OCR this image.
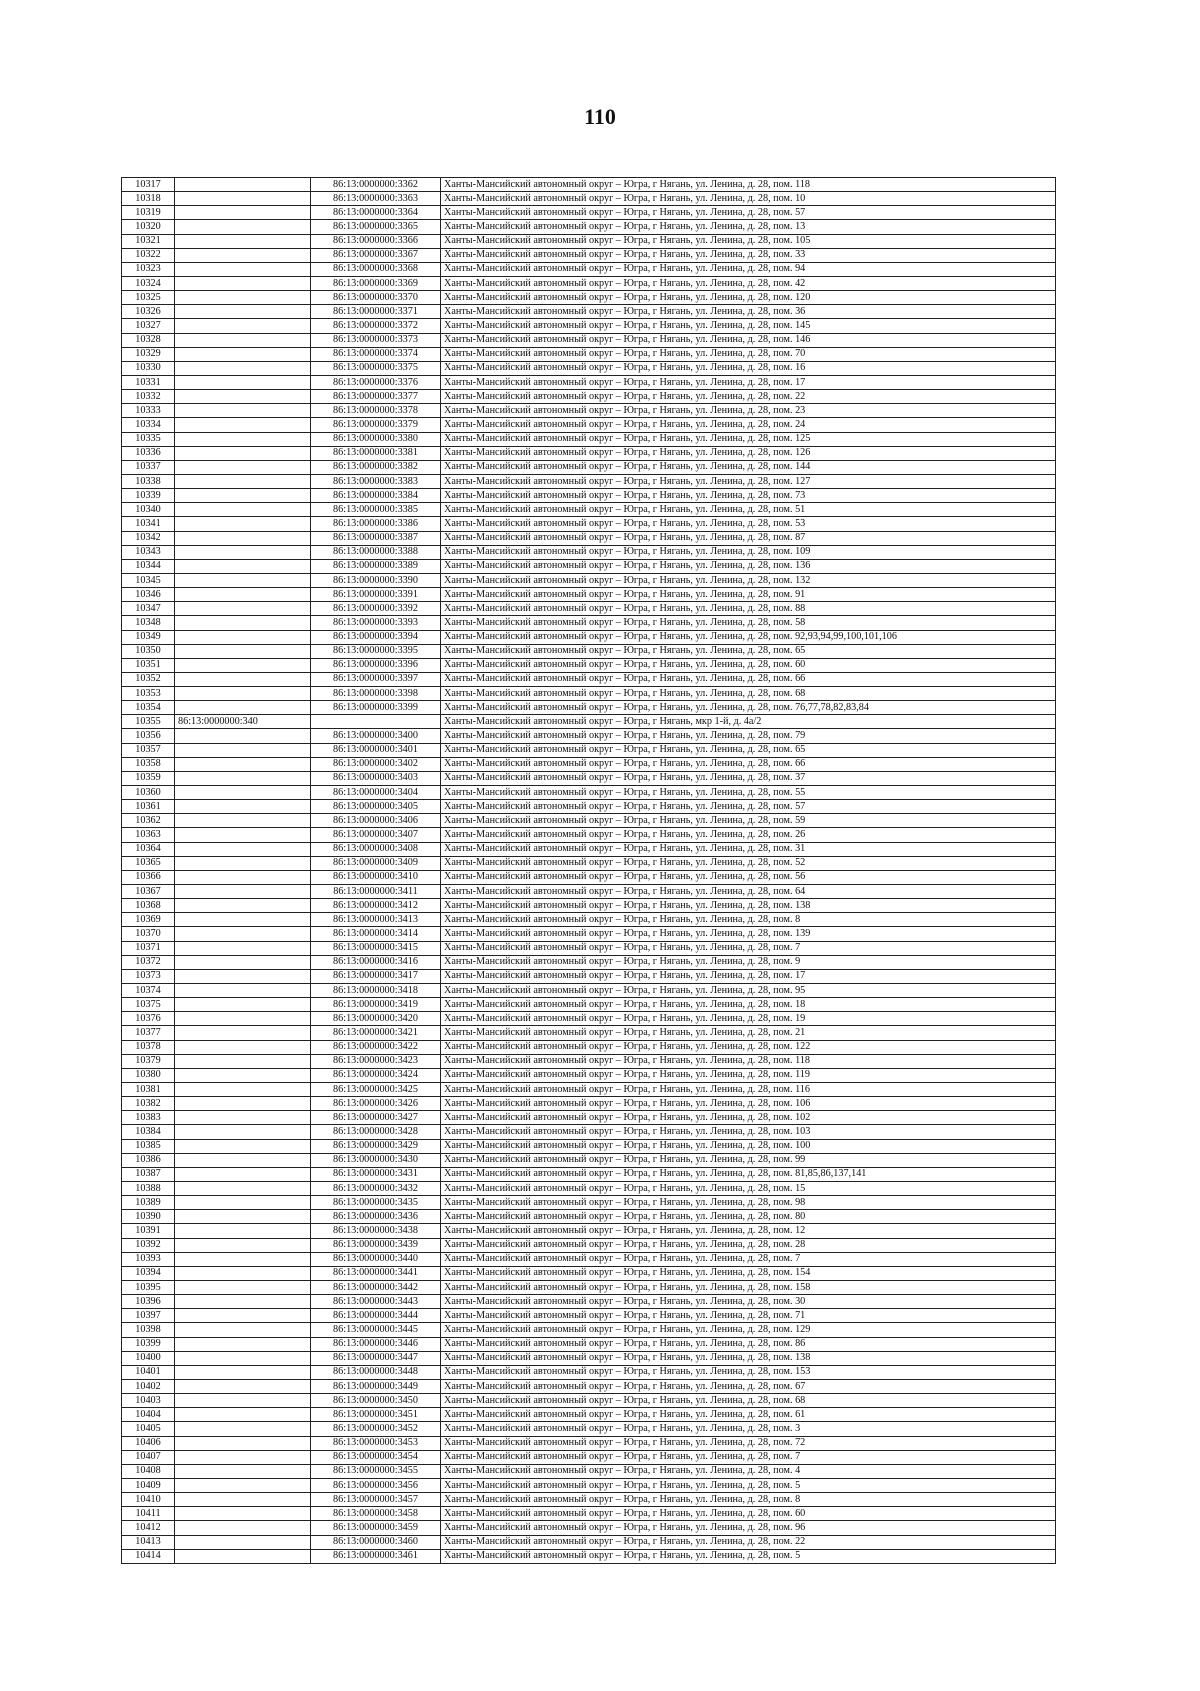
110
10317		86:13:0000000:3362	Ханты-Мансийский автономный округ – Югра, г Нягань, ул. Ленина, д. 28, пом. 118
10318		86:13:0000000:3363	Ханты-Мансийский автономный округ – Югра, г Нягань, ул. Ленина, д. 28, пом. 10
10319		86:13:0000000:3364	Ханты-Мансийский автономный округ – Югра, г Нягань, ул. Ленина, д. 28, пом. 57
10320		86:13:0000000:3365	Ханты-Мансийский автономный округ – Югра, г Нягань, ул. Ленина, д. 28, пом. 13
10321		86:13:0000000:3366	Ханты-Мансийский автономный округ – Югра, г Нягань, ул. Ленина, д. 28, пом. 105
10322		86:13:0000000:3367	Ханты-Мансийский автономный округ – Югра, г Нягань, ул. Ленина, д. 28, пом. 33
10323		86:13:0000000:3368	Ханты-Мансийский автономный округ – Югра, г Нягань, ул. Ленина, д. 28, пом. 94
10324		86:13:0000000:3369	Ханты-Мансийский автономный округ – Югра, г Нягань, ул. Ленина, д. 28, пом. 42
10325		86:13:0000000:3370	Ханты-Мансийский автономный округ – Югра, г Нягань, ул. Ленина, д. 28, пом. 120
10326		86:13:0000000:3371	Ханты-Мансийский автономный округ – Югра, г Нягань, ул. Ленина, д. 28, пом. 36
10327		86:13:0000000:3372	Ханты-Мансийский автономный округ – Югра, г Нягань, ул. Ленина, д. 28, пом. 145
10328		86:13:0000000:3373	Ханты-Мансийский автономный округ – Югра, г Нягань, ул. Ленина, д. 28, пом. 146
10329		86:13:0000000:3374	Ханты-Мансийский автономный округ – Югра, г Нягань, ул. Ленина, д. 28, пом. 70
10330		86:13:0000000:3375	Ханты-Мансийский автономный округ – Югра, г Нягань, ул. Ленина, д. 28, пом. 16
10331		86:13:0000000:3376	Ханты-Мансийский автономный округ – Югра, г Нягань, ул. Ленина, д. 28, пом. 17
10332		86:13:0000000:3377	Ханты-Мансийский автономный округ – Югра, г Нягань, ул. Ленина, д. 28, пом. 22
10333		86:13:0000000:3378	Ханты-Мансийский автономный округ – Югра, г Нягань, ул. Ленина, д. 28, пом. 23
10334		86:13:0000000:3379	Ханты-Мансийский автономный округ – Югра, г Нягань, ул. Ленина, д. 28, пом. 24
10335		86:13:0000000:3380	Ханты-Мансийский автономный округ – Югра, г Нягань, ул. Ленина, д. 28, пом. 125
10336		86:13:0000000:3381	Ханты-Мансийский автономный округ – Югра, г Нягань, ул. Ленина, д. 28, пом. 126
10337		86:13:0000000:3382	Ханты-Мансийский автономный округ – Югра, г Нягань, ул. Ленина, д. 28, пом. 144
10338		86:13:0000000:3383	Ханты-Мансийский автономный округ – Югра, г Нягань, ул. Ленина, д. 28, пом. 127
10339		86:13:0000000:3384	Ханты-Мансийский автономный округ – Югра, г Нягань, ул. Ленина, д. 28, пом. 73
10340		86:13:0000000:3385	Ханты-Мансийский автономный округ – Югра, г Нягань, ул. Ленина, д. 28, пом. 51
10341		86:13:0000000:3386	Ханты-Мансийский автономный округ – Югра, г Нягань, ул. Ленина, д. 28, пом. 53
10342		86:13:0000000:3387	Ханты-Мансийский автономный округ – Югра, г Нягань, ул. Ленина, д. 28, пом. 87
10343		86:13:0000000:3388	Ханты-Мансийский автономный округ – Югра, г Нягань, ул. Ленина, д. 28, пом. 109
10344		86:13:0000000:3389	Ханты-Мансийский автономный округ – Югра, г Нягань, ул. Ленина, д. 28, пом. 136
10345		86:13:0000000:3390	Ханты-Мансийский автономный округ – Югра, г Нягань, ул. Ленина, д. 28, пом. 132
10346		86:13:0000000:3391	Ханты-Мансийский автономный округ – Югра, г Нягань, ул. Ленина, д. 28, пом. 91
10347		86:13:0000000:3392	Ханты-Мансийский автономный округ – Югра, г Нягань, ул. Ленина, д. 28, пом. 88
10348		86:13:0000000:3393	Ханты-Мансийский автономный округ – Югра, г Нягань, ул. Ленина, д. 28, пом. 58
10349		86:13:0000000:3394	Ханты-Мансийский автономный округ – Югра, г Нягань, ул. Ленина, д. 28, пом. 92,93,94,99,100,101,106
10350		86:13:0000000:3395	Ханты-Мансийский автономный округ – Югра, г Нягань, ул. Ленина, д. 28, пом. 65
10351		86:13:0000000:3396	Ханты-Мансийский автономный округ – Югра, г Нягань, ул. Ленина, д. 28, пом. 60
10352		86:13:0000000:3397	Ханты-Мансийский автономный округ – Югра, г Нягань, ул. Ленина, д. 28, пом. 66
10353		86:13:0000000:3398	Ханты-Мансийский автономный округ – Югра, г Нягань, ул. Ленина, д. 28, пом. 68
10354		86:13:0000000:3399	Ханты-Мансийский автономный округ – Югра, г Нягань, ул. Ленина, д. 28, пом. 76,77,78,82,83,84
10355	86:13:0000000:340		Ханты-Мансийский автономный округ – Югра, г Нягань, мкр 1-й, д. 4а/2
10356		86:13:0000000:3400	Ханты-Мансийский автономный округ – Югра, г Нягань, ул. Ленина, д. 28, пом. 79
10357		86:13:0000000:3401	Ханты-Мансийский автономный округ – Югра, г Нягань, ул. Ленина, д. 28, пом. 65
10358		86:13:0000000:3402	Ханты-Мансийский автономный округ – Югра, г Нягань, ул. Ленина, д. 28, пом. 66
10359		86:13:0000000:3403	Ханты-Мансийский автономный округ – Югра, г Нягань, ул. Ленина, д. 28, пом. 37
10360		86:13:0000000:3404	Ханты-Мансийский автономный округ – Югра, г Нягань, ул. Ленина, д. 28, пом. 55
10361		86:13:0000000:3405	Ханты-Мансийский автономный округ – Югра, г Нягань, ул. Ленина, д. 28, пом. 57
10362		86:13:0000000:3406	Ханты-Мансийский автономный округ – Югра, г Нягань, ул. Ленина, д. 28, пом. 59
10363		86:13:0000000:3407	Ханты-Мансийский автономный округ – Югра, г Нягань, ул. Ленина, д. 28, пом. 26
10364		86:13:0000000:3408	Ханты-Мансийский автономный округ – Югра, г Нягань, ул. Ленина, д. 28, пом. 31
10365		86:13:0000000:3409	Ханты-Мансийский автономный округ – Югра, г Нягань, ул. Ленина, д. 28, пом. 52
10366		86:13:0000000:3410	Ханты-Мансийский автономный округ – Югра, г Нягань, ул. Ленина, д. 28, пом. 56
10367		86:13:0000000:3411	Ханты-Мансийский автономный округ – Югра, г Нягань, ул. Ленина, д. 28, пом. 64
10368		86:13:0000000:3412	Ханты-Мансийский автономный округ – Югра, г Нягань, ул. Ленина, д. 28, пом. 138
10369		86:13:0000000:3413	Ханты-Мансийский автономный округ – Югра, г Нягань, ул. Ленина, д. 28, пом. 8
10370		86:13:0000000:3414	Ханты-Мансийский автономный округ – Югра, г Нягань, ул. Ленина, д. 28, пом. 139
10371		86:13:0000000:3415	Ханты-Мансийский автономный округ – Югра, г Нягань, ул. Ленина, д. 28, пом. 7
10372		86:13:0000000:3416	Ханты-Мансийский автономный округ – Югра, г Нягань, ул. Ленина, д. 28, пом. 9
10373		86:13:0000000:3417	Ханты-Мансийский автономный округ – Югра, г Нягань, ул. Ленина, д. 28, пом. 17
10374		86:13:0000000:3418	Ханты-Мансийский автономный округ – Югра, г Нягань, ул. Ленина, д. 28, пом. 95
10375		86:13:0000000:3419	Ханты-Мансийский автономный округ – Югра, г Нягань, ул. Ленина, д. 28, пом. 18
10376		86:13:0000000:3420	Ханты-Мансийский автономный округ – Югра, г Нягань, ул. Ленина, д. 28, пом. 19
10377		86:13:0000000:3421	Ханты-Мансийский автономный округ – Югра, г Нягань, ул. Ленина, д. 28, пом. 21
10378		86:13:0000000:3422	Ханты-Мансийский автономный округ – Югра, г Нягань, ул. Ленина, д. 28, пом. 122
10379		86:13:0000000:3423	Ханты-Мансийский автономный округ – Югра, г Нягань, ул. Ленина, д. 28, пом. 118
10380		86:13:0000000:3424	Ханты-Мансийский автономный округ – Югра, г Нягань, ул. Ленина, д. 28, пом. 119
10381		86:13:0000000:3425	Ханты-Мансийский автономный округ – Югра, г Нягань, ул. Ленина, д. 28, пом. 116
10382		86:13:0000000:3426	Ханты-Мансийский автономный округ – Югра, г Нягань, ул. Ленина, д. 28, пом. 106
10383		86:13:0000000:3427	Ханты-Мансийский автономный округ – Югра, г Нягань, ул. Ленина, д. 28, пом. 102
10384		86:13:0000000:3428	Ханты-Мансийский автономный округ – Югра, г Нягань, ул. Ленина, д. 28, пом. 103
10385		86:13:0000000:3429	Ханты-Мансийский автономный округ – Югра, г Нягань, ул. Ленина, д. 28, пом. 100
10386		86:13:0000000:3430	Ханты-Мансийский автономный округ – Югра, г Нягань, ул. Ленина, д. 28, пом. 99
10387		86:13:0000000:3431	Ханты-Мансийский автономный округ – Югра, г Нягань, ул. Ленина, д. 28, пом. 81,85,86,137,141
10388		86:13:0000000:3432	Ханты-Мансийский автономный округ – Югра, г Нягань, ул. Ленина, д. 28, пом. 15
10389		86:13:0000000:3435	Ханты-Мансийский автономный округ – Югра, г Нягань, ул. Ленина, д. 28, пом. 98
10390		86:13:0000000:3436	Ханты-Мансийский автономный округ – Югра, г Нягань, ул. Ленина, д. 28, пом. 80
10391		86:13:0000000:3438	Ханты-Мансийский автономный округ – Югра, г Нягань, ул. Ленина, д. 28, пом. 12
10392		86:13:0000000:3439	Ханты-Мансийский автономный округ – Югра, г Нягань, ул. Ленина, д. 28, пом. 28
10393		86:13:0000000:3440	Ханты-Мансийский автономный округ – Югра, г Нягань, ул. Ленина, д. 28, пом. 7
10394		86:13:0000000:3441	Ханты-Мансийский автономный округ – Югра, г Нягань, ул. Ленина, д. 28, пом. 154
10395		86:13:0000000:3442	Ханты-Мансийский автономный округ – Югра, г Нягань, ул. Ленина, д. 28, пом. 158
10396		86:13:0000000:3443	Ханты-Мансийский автономный округ – Югра, г Нягань, ул. Ленина, д. 28, пом. 30
10397		86:13:0000000:3444	Ханты-Мансийский автономный округ – Югра, г Нягань, ул. Ленина, д. 28, пом. 71
10398		86:13:0000000:3445	Ханты-Мансийский автономный округ – Югра, г Нягань, ул. Ленина, д. 28, пом. 129
10399		86:13:0000000:3446	Ханты-Мансийский автономный округ – Югра, г Нягань, ул. Ленина, д. 28, пом. 86
10400		86:13:0000000:3447	Ханты-Мансийский автономный округ – Югра, г Нягань, ул. Ленина, д. 28, пом. 138
10401		86:13:0000000:3448	Ханты-Мансийский автономный округ – Югра, г Нягань, ул. Ленина, д. 28, пом. 153
10402		86:13:0000000:3449	Ханты-Мансийский автономный округ – Югра, г Нягань, ул. Ленина, д. 28, пом. 67
10403		86:13:0000000:3450	Ханты-Мансийский автономный округ – Югра, г Нягань, ул. Ленина, д. 28, пом. 68
10404		86:13:0000000:3451	Ханты-Мансийский автономный округ – Югра, г Нягань, ул. Ленина, д. 28, пом. 61
10405		86:13:0000000:3452	Ханты-Мансийский автономный округ – Югра, г Нягань, ул. Ленина, д. 28, пом. 3
10406		86:13:0000000:3453	Ханты-Мансийский автономный округ – Югра, г Нягань, ул. Ленина, д. 28, пом. 72
10407		86:13:0000000:3454	Ханты-Мансийский автономный округ – Югра, г Нягань, ул. Ленина, д. 28, пом. 7
10408		86:13:0000000:3455	Ханты-Мансийский автономный округ – Югра, г Нягань, ул. Ленина, д. 28, пом. 4
10409		86:13:0000000:3456	Ханты-Мансийский автономный округ – Югра, г Нягань, ул. Ленина, д. 28, пом. 5
10410		86:13:0000000:3457	Ханты-Мансийский автономный округ – Югра, г Нягань, ул. Ленина, д. 28, пом. 8
10411		86:13:0000000:3458	Ханты-Мансийский автономный округ – Югра, г Нягань, ул. Ленина, д. 28, пом. 60
10412		86:13:0000000:3459	Ханты-Мансийский автономный округ – Югра, г Нягань, ул. Ленина, д. 28, пом. 96
10413		86:13:0000000:3460	Ханты-Мансийский автономный округ – Югра, г Нягань, ул. Ленина, д. 28, пом. 22
10414		86:13:0000000:3461	Ханты-Мансийский автономный округ – Югра, г Нягань, ул. Ленина, д. 28, пом. 5
